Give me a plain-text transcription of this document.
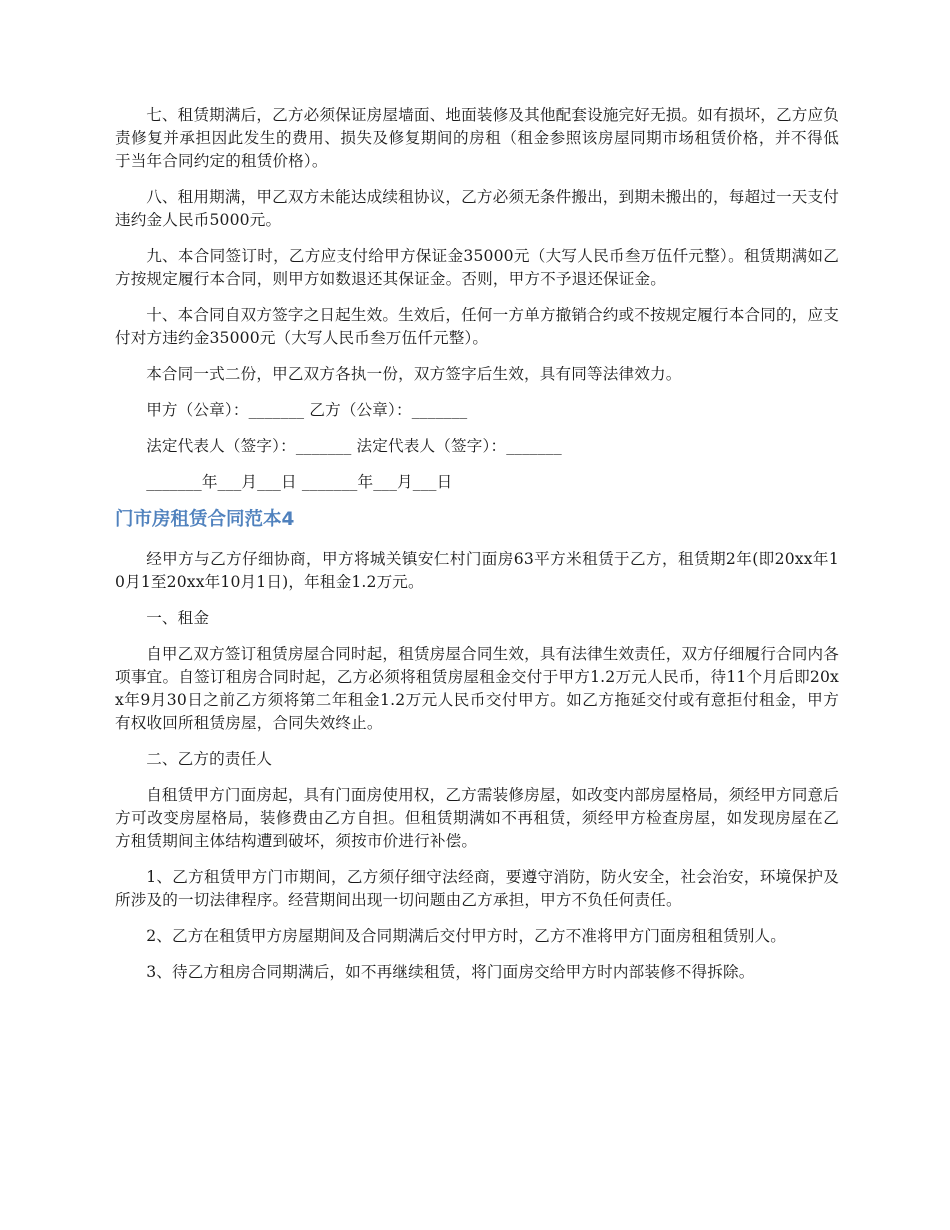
七、租赁期满后，乙方必须保证房屋墙面、地面装修及其他配套设施完好无损。如有损坏，乙方应负责修复并承担因此发生的费用、损失及修复期间的房租（租金参照该房屋同期市场租赁价格，并不得低于当年合同约定的租赁价格）。

八、租用期满，甲乙双方未能达成续租协议，乙方必须无条件搬出，到期未搬出的，每超过一天支付违约金人民币5000元。

九、本合同签订时，乙方应支付给甲方保证金35000元（大写人民币叁万伍仟元整）。租赁期满如乙方按规定履行本合同，则甲方如数退还其保证金。否则，甲方不予退还保证金。

十、本合同自双方签字之日起生效。生效后，任何一方单方撤销合约或不按规定履行本合同的，应支付对方违约金35000元（大写人民币叁万伍仟元整）。

本合同一式二份，甲乙双方各执一份，双方签字后生效，具有同等法律效力。

甲方（公章）：_______ 乙方（公章）：_______

法定代表人（签字）：_______ 法定代表人（签字）：_______

_______年___月___日 _______年___月___日

门市房租赁合同范本4

经甲方与乙方仔细协商，甲方将城关镇安仁村门面房63平方米租赁于乙方，租赁期2年(即20xx年10月1至20xx年10月1日)，年租金1.2万元。

一、租金

自甲乙双方签订租赁房屋合同时起，租赁房屋合同生效，具有法律生效责任，双方仔细履行合同内各项事宜。自签订租房合同时起，乙方必须将租赁房屋租金交付于甲方1.2万元人民币，待11个月后即20xx年9月30日之前乙方须将第二年租金1.2万元人民币交付甲方。如乙方拖延交付或有意拒付租金，甲方有权收回所租赁房屋，合同失效终止。

二、乙方的责任人

自租赁甲方门面房起，具有门面房使用权，乙方需装修房屋，如改变内部房屋格局，须经甲方同意后方可改变房屋格局，装修费由乙方自担。但租赁期满如不再租赁，须经甲方检查房屋，如发现房屋在乙方租赁期间主体结构遭到破坏，须按市价进行补偿。

1、乙方租赁甲方门市期间，乙方须仔细守法经商，要遵守消防，防火安全，社会治安，环境保护及所涉及的一切法律程序。经营期间出现一切问题由乙方承担，甲方不负任何责任。

2、乙方在租赁甲方房屋期间及合同期满后交付甲方时，乙方不准将甲方门面房租租赁别人。

3、待乙方租房合同期满后，如不再继续租赁，将门面房交给甲方时内部装修不得拆除。
